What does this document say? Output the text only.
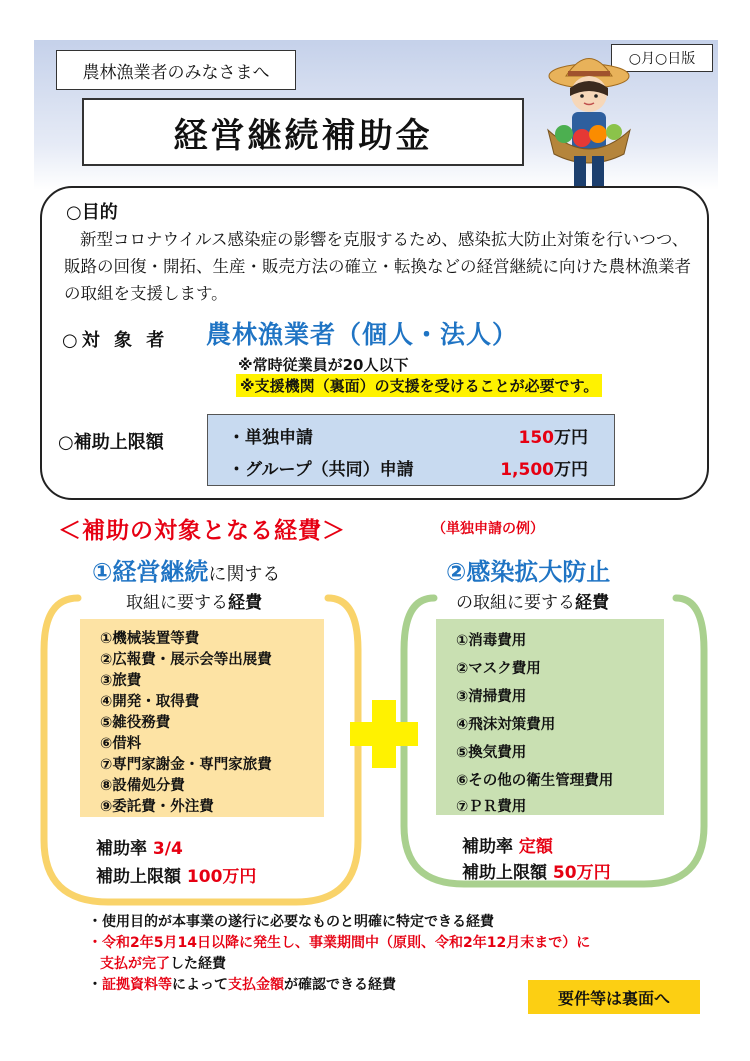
農林漁業者のみなさまへ
○月○日版
経営継続補助金
○目的
新型コロナウイルス感染症の影響を克服するため、感染拡大防止対策を行いつつ、販路の回復・開拓、生産・販売方法の確立・転換などの経営継続に向けた農林漁業者の取組を支援します。
○対 象 者 農林漁業者（個人・法人）
※常時従業員が20人以下
※支援機関（裏面）の支援を受けることが必要です。
○補助上限額	・単独申請	150万円
・グループ（共同）申請	1,500万円
＜補助の対象となる経費＞	（単独申請の例）
①経営継続に関する
取組に要する経費
②感染拡大防止
の取組に要する経費
①機械装置等費
②広報費・展示会等出展費
③旅費
④開発・取得費
⑤雑役務費
⑥借料
⑦専門家謝金・専門家旅費
⑧設備処分費
⑨委託費・外注費
①消毒費用
②マスク費用
③清掃費用
④飛沫対策費用
⑤換気費用
⑥その他の衛生管理費用
⑦ＰＲ費用
補助率 3/4
補助上限額 100万円
補助率 定額
補助上限額 50万円
・使用目的が本事業の遂行に必要なものと明確に特定できる経費
・令和2年5月14日以降に発生し、事業期間中（原則、令和2年12月末まで）に
支払が完了した経費
・証拠資料等によって支払金額が確認できる経費
要件等は裏面へ
